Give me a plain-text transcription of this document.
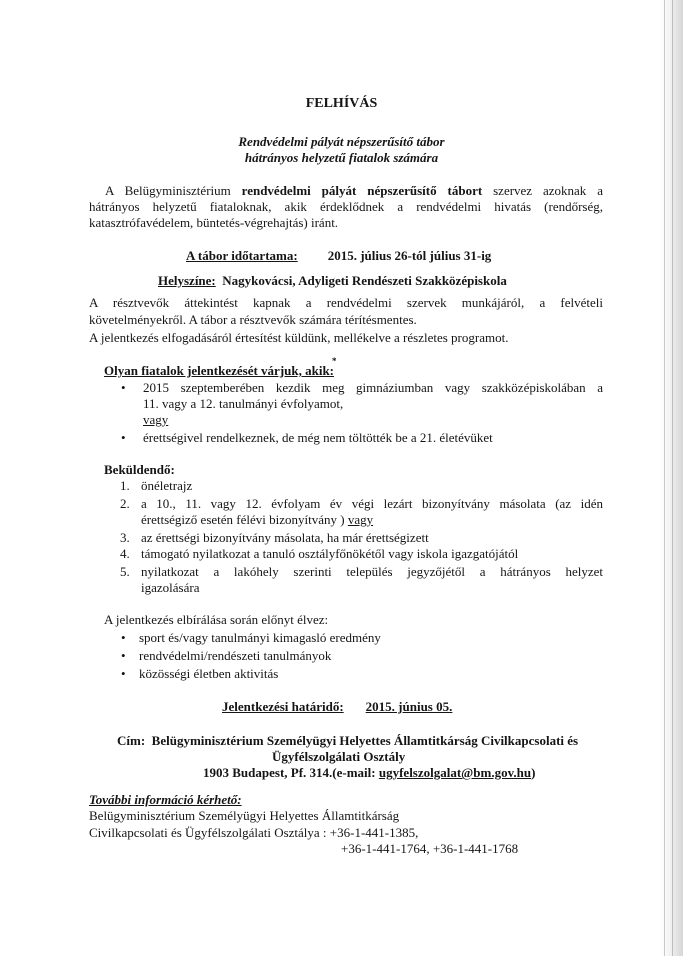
FELHÍVÁS
Rendvédelmi pályát népszerűsítő tábor
hátrányos helyzetű fiatalok számára
A Belügyminisztérium rendvédelmi pályát népszerűsítő tábort szervez azoknak a
hátrányos helyzetű fiataloknak, akik érdeklődnek a rendvédelmi hivatás (rendőrség,
katasztrófavédelem, büntetés-végrehajtás) iránt.
A tábor időtartama: 2015. július 26-tól július 31-ig
Helyszíne: Nagykovácsi, Adyligeti Rendészeti Szakközépiskola
A résztvevők áttekintést kapnak a rendvédelmi szervek munkájáról, a felvételi
követelményekről. A tábor a résztvevők számára térítésmentes.
A jelentkezés elfogadásáról értesítést küldünk, mellékelve a részletes programot.
*
Olyan fiatalok jelentkezését várjuk, akik:
• 2015 szeptemberében kezdik meg gimnáziumban vagy szakközépiskolában a
11. vagy a 12. tanulmányi évfolyamot,
vagy
• érettségivel rendelkeznek, de még nem töltötték be a 21. életévüket
Beküldendő:
1. önéletrajz
2. a 10., 11. vagy 12. évfolyam év végi lezárt bizonyítvány másolata (az idén
érettségiző esetén félévi bizonyítvány ) vagy
3. az érettségi bizonyítvány másolata, ha már érettségizett
4. támogató nyilatkozat a tanuló osztályfőnökétől vagy iskola igazgatójától
5. nyilatkozat a lakóhely szerinti település jegyzőjétől a hátrányos helyzet
igazolására
A jelentkezés elbírálása során előnyt élvez:
• sport és/vagy tanulmányi kimagasló eredmény
• rendvédelmi/rendészeti tanulmányok
• közösségi életben aktivitás
Jelentkezési határidő: 2015. június 05.
Cím: Belügyminisztérium Személyügyi Helyettes Államtitkárság Civilkapcsolati és
Ügyfélszolgálati Osztály
1903 Budapest, Pf. 314.(e-mail: ugyfelszolgalat@bm.gov.hu)
További információ kérhető:
Belügyminisztérium Személyügyi Helyettes Államtitkárság
Civilkapcsolati és Ügyfélszolgálati Osztálya : +36-1-441-1385,
+36-1-441-1764, +36-1-441-1768
